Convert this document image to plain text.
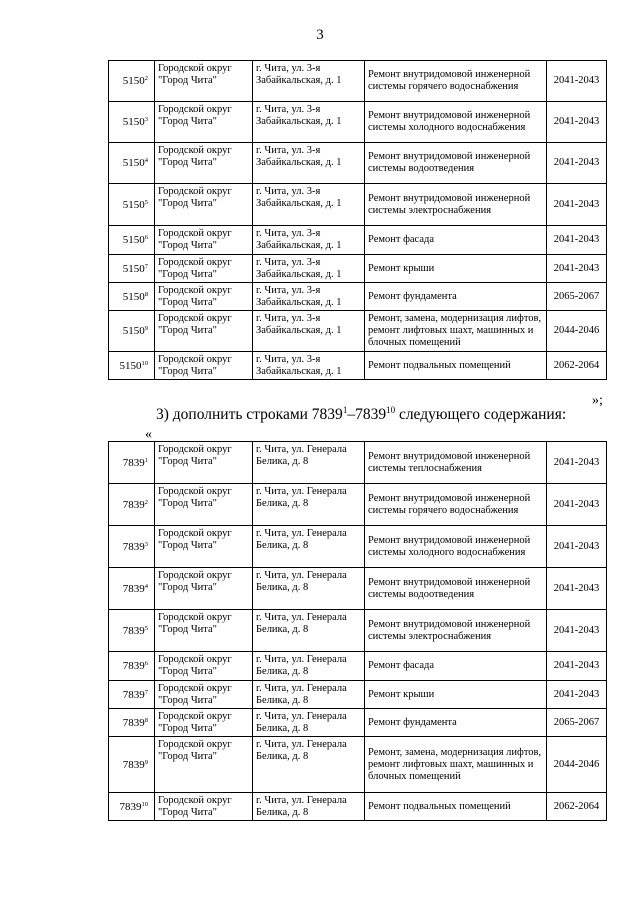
3
5150$^2$	Городской округ "Город Чита"	г. Чита, ул. 3-я Забайкальская, д. 1	Ремонт внутридомовой инженерной системы горячего водоснабжения	2041-2043
5150$^3$	Городской округ "Город Чита"	г. Чита, ул. 3-я Забайкальская, д. 1	Ремонт внутридомовой инженерной системы холодного водоснабжения	2041-2043
5150$^4$	Городской округ "Город Чита"	г. Чита, ул. 3-я Забайкальская, д. 1	Ремонт внутридомовой инженерной системы водоотведения	2041-2043
5150$^5$	Городской округ "Город Чита"	г. Чита, ул. 3-я Забайкальская, д. 1	Ремонт внутридомовой инженерной системы электроснабжения	2041-2043
5150$^6$	Городской округ "Город Чита"	г. Чита, ул. 3-я Забайкальская, д. 1	Ремонт фасада	2041-2043
5150$^7$	Городской округ "Город Чита"	г. Чита, ул. 3-я Забайкальская, д. 1	Ремонт крыши	2041-2043
5150$^8$	Городской округ "Город Чита"	г. Чита, ул. 3-я Забайкальская, д. 1	Ремонт фундамента	2065-2067
5150$^9$	Городской округ "Город Чита"	г. Чита, ул. 3-я Забайкальская, д. 1	Ремонт, замена, модернизация лифтов, ремонт лифтовых шахт, машинных и блочных помещений	2044-2046
5150$^{10}$	Городской округ "Город Чита"	г. Чита, ул. 3-я Забайкальская, д. 1	Ремонт подвальных помещений	2062-2064
»;
3) дополнить строками 7839$^1$–7839$^{10}$ следующего содержания:
«
7839$^1$	Городской округ "Город Чита"	г. Чита, ул. Генерала Белика, д. 8	Ремонт внутридомовой инженерной системы теплоснабжения	2041-2043
7839$^2$	Городской округ "Город Чита"	г. Чита, ул. Генерала Белика, д. 8	Ремонт внутридомовой инженерной системы горячего водоснабжения	2041-2043
7839$^3$	Городской округ "Город Чита"	г. Чита, ул. Генерала Белика, д. 8	Ремонт внутридомовой инженерной системы холодного водоснабжения	2041-2043
7839$^4$	Городской округ "Город Чита"	г. Чита, ул. Генерала Белика, д. 8	Ремонт внутридомовой инженерной системы водоотведения	2041-2043
7839$^5$	Городской округ "Город Чита"	г. Чита, ул. Генерала Белика, д. 8	Ремонт внутридомовой инженерной системы электроснабжения	2041-2043
7839$^6$	Городской округ "Город Чита"	г. Чита, ул. Генерала Белика, д. 8	Ремонт фасада	2041-2043
7839$^7$	Городской округ "Город Чита"	г. Чита, ул. Генерала Белика, д. 8	Ремонт крыши	2041-2043
7839$^8$	Городской округ "Город Чита"	г. Чита, ул. Генерала Белика, д. 8	Ремонт фундамента	2065-2067
7839$^9$	Городской округ "Город Чита"	г. Чита, ул. Генерала Белика, д. 8	Ремонт, замена, модернизация лифтов, ремонт лифтовых шахт, машинных и блочных помещений	2044-2046
7839$^{10}$	Городской округ "Город Чита"	г. Чита, ул. Генерала Белика, д. 8	Ремонт подвальных помещений	2062-2064
